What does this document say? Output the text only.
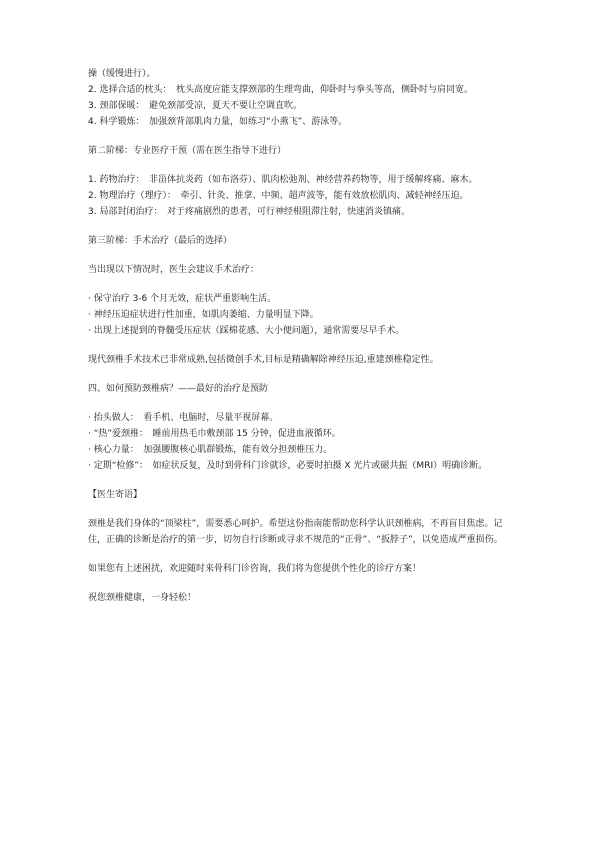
操（缓慢进行）。

2. 选择合适的枕头：　枕头高度应能支撑颈部的生理弯曲，仰卧时与拳头等高，侧卧时与肩同宽。

3. 颈部保暖：　避免颈部受凉，夏天不要让空调直吹。

4. 科学锻炼：　加强颈背部肌肉力量，如练习“小燕飞”、游泳等。

第二阶梯：专业医疗干预（需在医生指导下进行）

1. 药物治疗：　非甾体抗炎药（如布洛芬）、肌肉松弛剂、神经营养药物等，用于缓解疼痛、麻木。

2. 物理治疗（理疗）：　牵引、针灸、推拿、中频、超声波等，能有效放松肌肉、减轻神经压迫。

3. 局部封闭治疗：　对于疼痛剧烈的患者，可行神经根阻滞注射，快速消炎镇痛。

第三阶梯：手术治疗（最后的选择）

当出现以下情况时，医生会建议手术治疗：

· 保守治疗 3-6 个月无效，症状严重影响生活。

· 神经压迫症状进行性加重，如肌肉萎缩、力量明显下降。

· 出现上述提到的脊髓受压症状（踩棉花感、大小便问题），通常需要尽早手术。

现代颈椎手术技术已非常成熟,包括微创手术,目标是精确解除神经压迫,重建颈椎稳定性。

四、如何预防颈椎病？——最好的治疗是预防

· 抬头做人：　看手机、电脑时，尽量平视屏幕。

· “热”爱颈椎：　睡前用热毛巾敷颈部 15 分钟，促进血液循环。

· 核心力量：　加强腰腹核心肌群锻炼，能有效分担颈椎压力。

· 定期“检修”：　如症状反复，及时到骨科门诊就诊，必要时拍摄 X 光片或磁共振（MRI）明确诊断。

【医生寄语】

颈椎是我们身体的“顶梁柱”，需要悉心呵护。希望这份指南能帮助您科学认识颈椎病，不再盲目焦虑。记住，正确的诊断是治疗的第一步，切勿自行诊断或寻求不规范的“正骨”、“扳脖子”，以免造成严重损伤。

如果您有上述困扰，欢迎随时来骨科门诊咨询，我们将为您提供个性化的诊疗方案！

祝您颈椎健康，一身轻松！
